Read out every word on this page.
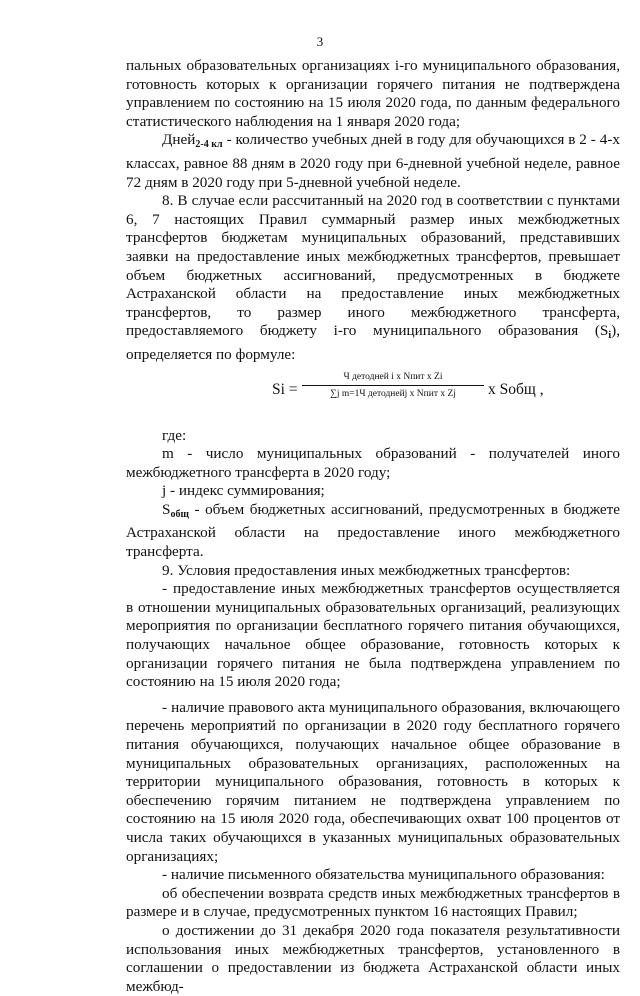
3

пальных образовательных организациях i-го муниципального образования, готовность которых к организации горячего питания не подтверждена управлением по состоянию на 15 июля 2020 года, по данным федерального статистического наблюдения на 1 января 2020 года;

Дней$_{2-4 кл}$ - количество учебных дней в году для обучающихся в 2 - 4-х классах, равное 88 дням в 2020 году при 6-дневной учебной неделе, равное 72 дням в 2020 году при 5-дневной учебной неделе.

8. В случае если рассчитанный на 2020 год в соответствии с пунктами 6, 7 настоящих Правил суммарный размер иных межбюджетных трансфертов бюджетам муниципальных образований, представивших заявки на предоставление иных межбюджетных трансфертов, превышает объем бюджетных ассигнований, предусмотренных в бюджете Астраханской области на предоставление иных межбюджетных трансфертов, то размер иного межбюджетного трансферта, предоставляемого бюджету i-го муниципального образования $(S_i)$, определяется по формуле:

Si =
Ч детодней i х Nпит х Zi
∑j m=1Ч детоднейj х Nпит х Zj	x Sобщ ,

где:

m - число муниципальных образований - получателей иного межбюджетного трансферта в 2020 году;

j - индекс суммирования;

$S_{общ}$ - объем бюджетных ассигнований, предусмотренных в бюджете Астраханской области на предоставление иного межбюджетного трансферта.

9. Условия предоставления иных межбюджетных трансфертов:

- предоставление иных межбюджетных трансфертов осуществляется в отношении муниципальных образовательных организаций, реализующих мероприятия по организации бесплатного горячего питания обучающихся, получающих начальное общее образование, готовность которых к организации горячего питания не была подтверждена управлением по состоянию на 15 июля 2020 года;

- наличие правового акта муниципального образования, включающего перечень мероприятий по организации в 2020 году бесплатного горячего питания обучающихся, получающих начальное общее образование в муниципальных образовательных организациях, расположенных на территории муниципального образования, готовность в которых к обеспечению горячим питанием не подтверждена управлением по состоянию на 15 июля 2020 года, обеспечивающих охват 100 процентов от числа таких обучающихся в указанных муниципальных образовательных организациях;

- наличие письменного обязательства муниципального образования:

об обеспечении возврата средств иных межбюджетных трансфертов в размере и в случае, предусмотренных пунктом 16 настоящих Правил;

о достижении до 31 декабря 2020 года показателя результативности использования иных межбюджетных трансфертов, установленного в соглашении о предоставлении из бюджета Астраханской области иных межбюд-
